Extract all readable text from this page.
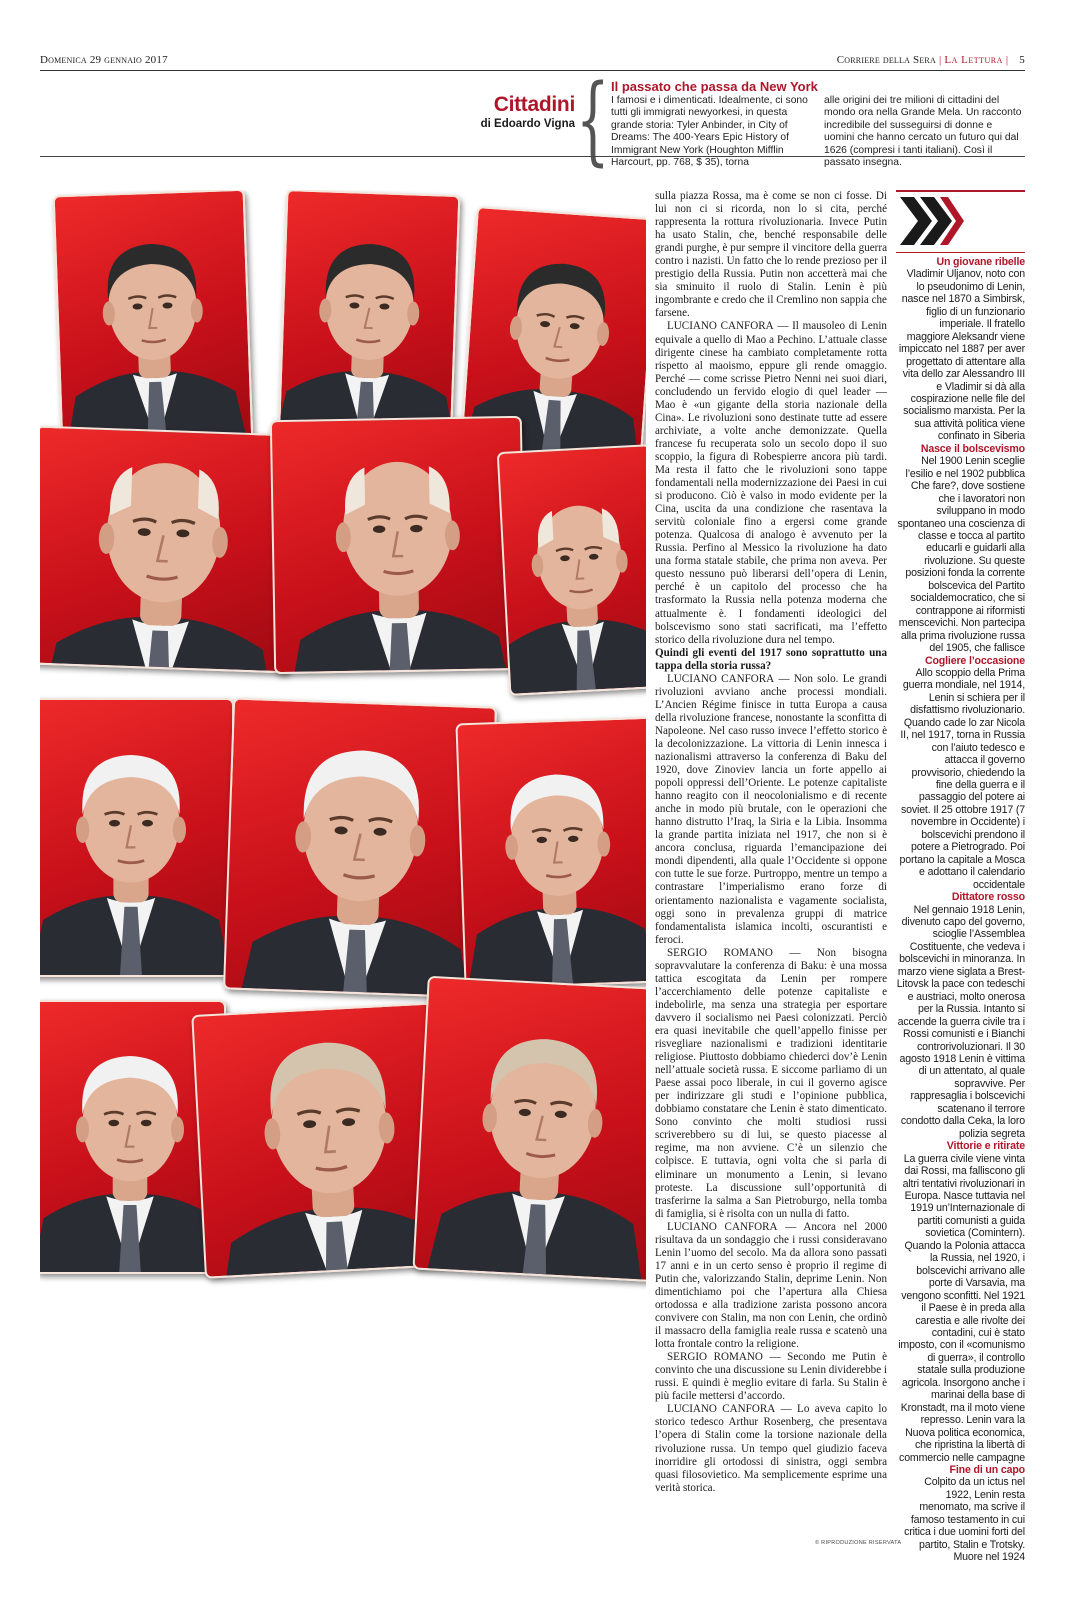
Domenica 29 gennaio 2017	Corriere della Sera | La Lettura | 5
Cittadini
di Edoardo Vigna { Il passato che passa da New York
I famosi e i dimenticati. Idealmente, ci sono tutti gli immigrati newyorkesi, in questa grande storia: Tyler Anbinder, in City of Dreams: The 400-Years Epic History of Immigrant New York (Houghton Mifflin Harcourt, pp. 768, $ 35), torna
alle origini dei tre milioni di cittadini del mondo ora nella Grande Mela. Un racconto incredibile del susseguirsi di donne e uomini che hanno cercato un futuro qui dal 1626 (compresi i tanti italiani). Così il passato insegna.

sulla piazza Rossa, ma è come se non ci fosse. Di lui non ci si ricorda, non lo si cita, perché rappresenta la rottura rivoluzionaria. Invece Putin ha usato Stalin, che, benché responsabile delle grandi purghe, è pur sempre il vincitore della guerra contro i nazisti. Un fatto che lo rende prezioso per il prestigio della Russia. Putin non accetterà mai che sia sminuito il ruolo di Stalin. Lenin è più ingombrante e credo che il Cremlino non sappia che farsene.

LUCIANO CANFORA — Il mausoleo di Lenin equivale a quello di Mao a Pechino. L’attuale classe dirigente cinese ha cambiato completamente rotta rispetto al maoismo, eppure gli rende omaggio. Perché — come scrisse Pietro Nenni nei suoi diari, concludendo un fervido elogio di quel leader — Mao è «un gigante della storia nazionale della Cina». Le rivoluzioni sono destinate tutte ad essere archiviate, a volte anche demonizzate. Quella francese fu recuperata solo un secolo dopo il suo scoppio, la figura di Robespierre ancora più tardi. Ma resta il fatto che le rivoluzioni sono tappe fondamentali nella modernizzazione dei Paesi in cui si producono. Ciò è valso in modo evidente per la Cina, uscita da una condizione che rasentava la servitù coloniale fino a ergersi come grande potenza. Qualcosa di analogo è avvenuto per la Russia. Perfino al Messico la rivoluzione ha dato una forma statale stabile, che prima non aveva. Per questo nessuno può liberarsi dell’opera di Lenin, perché è un capitolo del processo che ha trasformato la Russia nella potenza moderna che attualmente è. I fondamenti ideologici del bolscevismo sono stati sacrificati, ma l’effetto storico della rivoluzione dura nel tempo.

Quindi gli eventi del 1917 sono soprattutto una tappa della storia russa?

LUCIANO CANFORA — Non solo. Le grandi rivoluzioni avviano anche processi mondiali. L’Ancien Régime finisce in tutta Europa a causa della rivoluzione francese, nonostante la sconfitta di Napoleone. Nel caso russo invece l’effetto storico è la decolonizzazione. La vittoria di Lenin innesca i nazionalismi attraverso la conferenza di Baku del 1920, dove Zinoviev lancia un forte appello ai popoli oppressi dell’Oriente. Le potenze capitaliste hanno reagito con il neocolonialismo e di recente anche in modo più brutale, con le operazioni che hanno distrutto l’Iraq, la Siria e la Libia. Insomma la grande partita iniziata nel 1917, che non si è ancora conclusa, riguarda l’emancipazione dei mondi dipendenti, alla quale l’Occidente si oppone con tutte le sue forze. Purtroppo, mentre un tempo a contrastare l’imperialismo erano forze di orientamento nazionalista e vagamente socialista, oggi sono in prevalenza gruppi di matrice fondamentalista islamica incolti, oscurantisti e feroci.

SERGIO ROMANO — Non bisogna sopravvalutare la conferenza di Baku: è una mossa tattica escogitata da Lenin per rompere l’accerchiamento delle potenze capitaliste e indebolirle, ma senza una strategia per esportare davvero il socialismo nei Paesi colonizzati. Perciò era quasi inevitabile che quell’appello finisse per risvegliare nazionalismi e tradizioni identitarie religiose. Piuttosto dobbiamo chiederci dov’è Lenin nell’attuale società russa. E siccome parliamo di un Paese assai poco liberale, in cui il governo agisce per indirizzare gli studi e l’opinione pubblica, dobbiamo constatare che Lenin è stato dimenticato. Sono convinto che molti studiosi russi scriverebbero su di lui, se questo piacesse al regime, ma non avviene. C’è un silenzio che colpisce. E tuttavia, ogni volta che si parla di eliminare un monumento a Lenin, si levano proteste. La discussione sull’opportunità di trasferirne la salma a San Pietroburgo, nella tomba di famiglia, si è risolta con un nulla di fatto.

LUCIANO CANFORA — Ancora nel 2000 risultava da un sondaggio che i russi consideravano Lenin l’uomo del secolo. Ma da allora sono passati 17 anni e in un certo senso è proprio il regime di Putin che, valorizzando Stalin, deprime Lenin. Non dimentichiamo poi che l’apertura alla Chiesa ortodossa e alla tradizione zarista possono ancora convivere con Stalin, ma non con Lenin, che ordinò il massacro della famiglia reale russa e scatenò una lotta frontale contro la religione.

SERGIO ROMANO — Secondo me Putin è convinto che una discussione su Lenin dividerebbe i russi. E quindi è meglio evitare di farla. Su Stalin è più facile mettersi d’accordo.

LUCIANO CANFORA — Lo aveva capito lo storico tedesco Arthur Rosenberg, che presentava l’opera di Stalin come la torsione nazionale della rivoluzione russa. Un tempo quel giudizio faceva inorridire gli ortodossi di sinistra, oggi sembra quasi filosovietico. Ma semplicemente esprime una verità storica.

© RIPRODUZIONE RISERVATA

Un giovane ribelle

Vladimir Uljanov, noto con lo pseudonimo di Lenin, nasce nel 1870 a Simbirsk, figlio di un funzionario imperiale. Il fratello maggiore Aleksandr viene impiccato nel 1887 per aver progettato di attentare alla vita dello zar Alessandro III e Vladimir si dà alla cospirazione nelle file del socialismo marxista. Per la sua attività politica viene confinato in Siberia

Nasce il bolscevismo

Nel 1900 Lenin sceglie l’esilio e nel 1902 pubblica Che fare?, dove sostiene che i lavoratori non sviluppano in modo spontaneo una coscienza di classe e tocca al partito educarli e guidarli alla rivoluzione. Su queste posizioni fonda la corrente bolscevica del Partito socialdemocratico, che si contrappone ai riformisti menscevichi. Non partecipa alla prima rivoluzione russa del 1905, che fallisce

Cogliere l’occasione

Allo scoppio della Prima guerra mondiale, nel 1914, Lenin si schiera per il disfattismo rivoluzionario. Quando cade lo zar Nicola II, nel 1917, torna in Russia con l’aiuto tedesco e attacca il governo provvisorio, chiedendo la fine della guerra e il passaggio del potere ai soviet. Il 25 ottobre 1917 (7 novembre in Occidente) i bolscevichi prendono il potere a Pietrogrado. Poi portano la capitale a Mosca e adottano il calendario occidentale

Dittatore rosso

Nel gennaio 1918 Lenin, divenuto capo del governo, scioglie l’Assemblea Costituente, che vedeva i bolscevichi in minoranza. In marzo viene siglata a Brest-Litovsk la pace con tedeschi e austriaci, molto onerosa per la Russia. Intanto si accende la guerra civile tra i Rossi comunisti e i Bianchi controrivoluzionari. Il 30 agosto 1918 Lenin è vittima di un attentato, al quale sopravvive. Per rappresaglia i bolscevichi scatenano il terrore condotto dalla Ceka, la loro polizia segreta

Vittorie e ritirate

La guerra civile viene vinta dai Rossi, ma falliscono gli altri tentativi rivoluzionari in Europa. Nasce tuttavia nel 1919 un’Internazionale di partiti comunisti a guida sovietica (Comintern). Quando la Polonia attacca la Russia, nel 1920, i bolscevichi arrivano alle porte di Varsavia, ma vengono sconfitti. Nel 1921 il Paese è in preda alla carestia e alle rivolte dei contadini, cui è stato imposto, con il «comunismo di guerra», il controllo statale sulla produzione agricola. Insorgono anche i marinai della base di Kronstadt, ma il moto viene represso. Lenin vara la Nuova politica economica, che ripristina la libertà di commercio nelle campagne

Fine di un capo

Colpito da un ictus nel 1922, Lenin resta menomato, ma scrive il famoso testamento in cui critica i due uomini forti del partito, Stalin e Trotsky. Muore nel 1924
